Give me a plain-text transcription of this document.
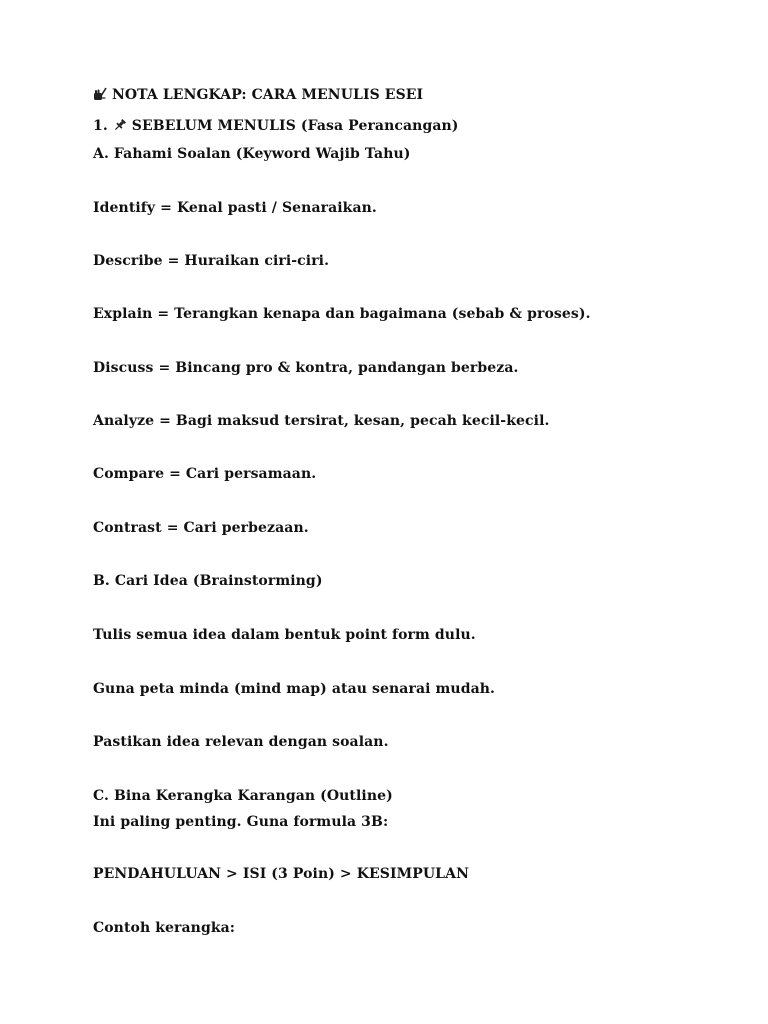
NOTA LENGKAP: CARA MENULIS ESEI
1. SEBELUM MENULIS (Fasa Perancangan)
A. Fahami Soalan (Keyword Wajib Tahu)
Identify = Kenal pasti / Senaraikan.
Describe = Huraikan ciri-ciri.
Explain = Terangkan kenapa dan bagaimana (sebab & proses).
Discuss = Bincang pro & kontra, pandangan berbeza.
Analyze = Bagi maksud tersirat, kesan, pecah kecil-kecil.
Compare = Cari persamaan.
Contrast = Cari perbezaan.
B. Cari Idea (Brainstorming)
Tulis semua idea dalam bentuk point form dulu.
Guna peta minda (mind map) atau senarai mudah.
Pastikan idea relevan dengan soalan.
C. Bina Kerangka Karangan (Outline)
Ini paling penting. Guna formula 3B:
PENDAHULUAN > ISI (3 Poin) > KESIMPULAN
Contoh kerangka:
